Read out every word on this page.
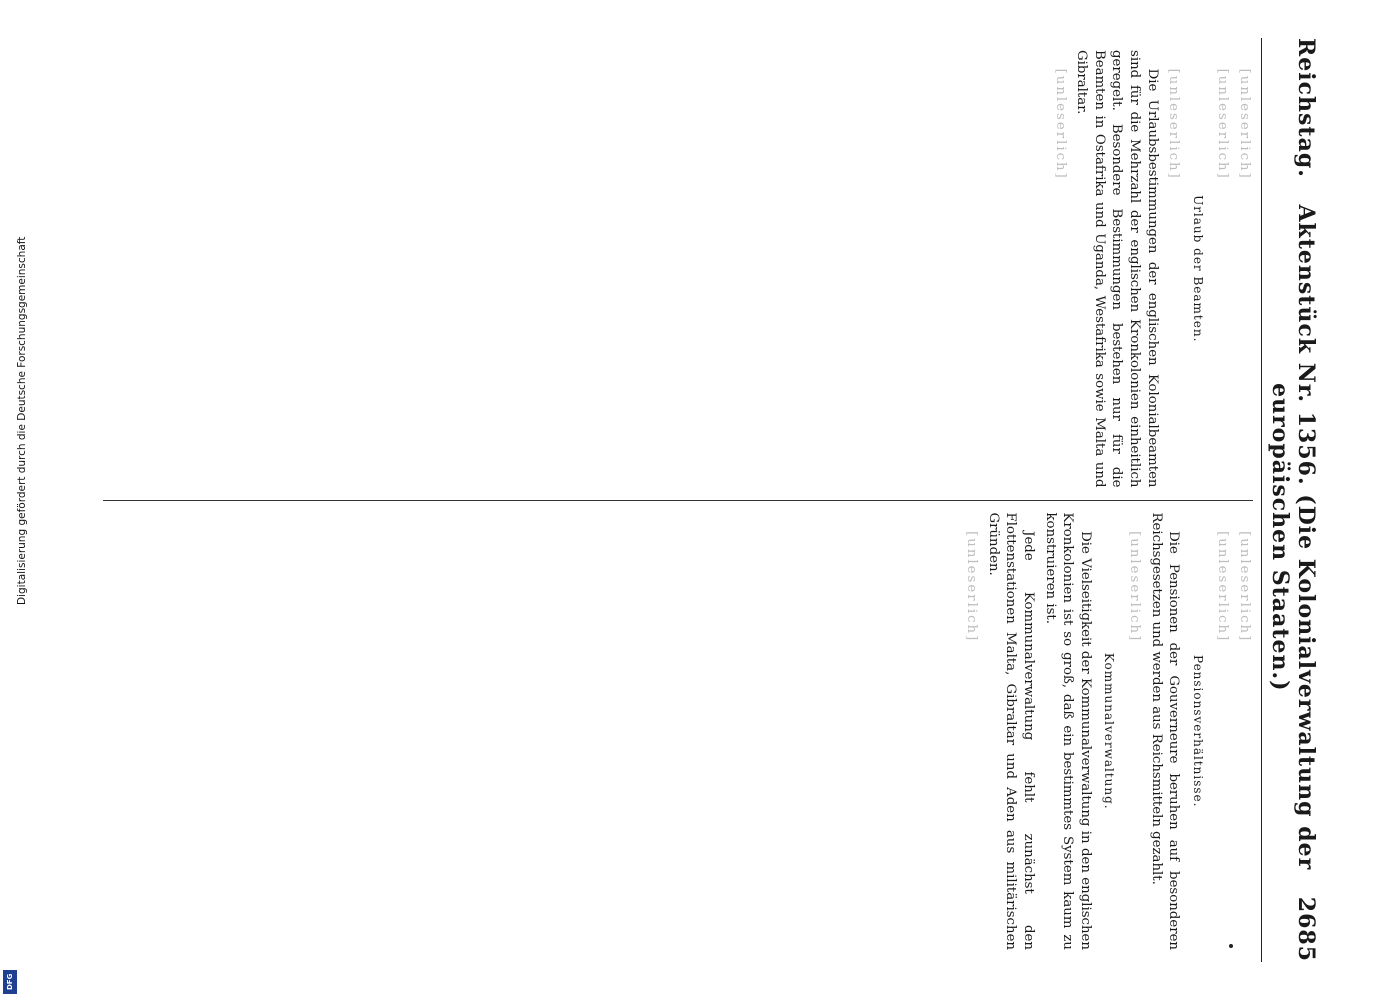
Reichstag.
Aktenstück Nr. 1356. (Die Kolonialverwaltung der europäischen Staaten.)
2685

[unleserlich]

[unleserlich]

Urlaub der Beamten.

[unleserlich]

Die Urlaubsbestimmungen der englischen Kolonialbeamten sind für die Mehrzahl der englischen Kronkolonien einheitlich geregelt. Besondere Bestimmungen bestehen nur für die Beamten in Ostafrika und Uganda, Westafrika sowie Malta und Gibraltar.

[unleserlich]

[unleserlich]

[unleserlich]

Pensionsverhältnisse.

Die Pensionen der Gouverneure beruhen auf besonderen Reichsgesetzen und werden aus Reichsmitteln gezahlt.

[unleserlich]

Kommunalverwaltung.

Die Vielseitigkeit der Kommunalverwaltung in den englischen Kronkolonien ist so groß, daß ein bestimmtes System kaum zu konstruieren ist.

Jede Kommunalverwaltung fehlt zunächst den Flottenstationen Malta, Gibraltar und Aden aus militärischen Gründen.

[unleserlich]

Digitalisierung gefördert durch die Deutsche Forschungsgemeinschaft
DFG
